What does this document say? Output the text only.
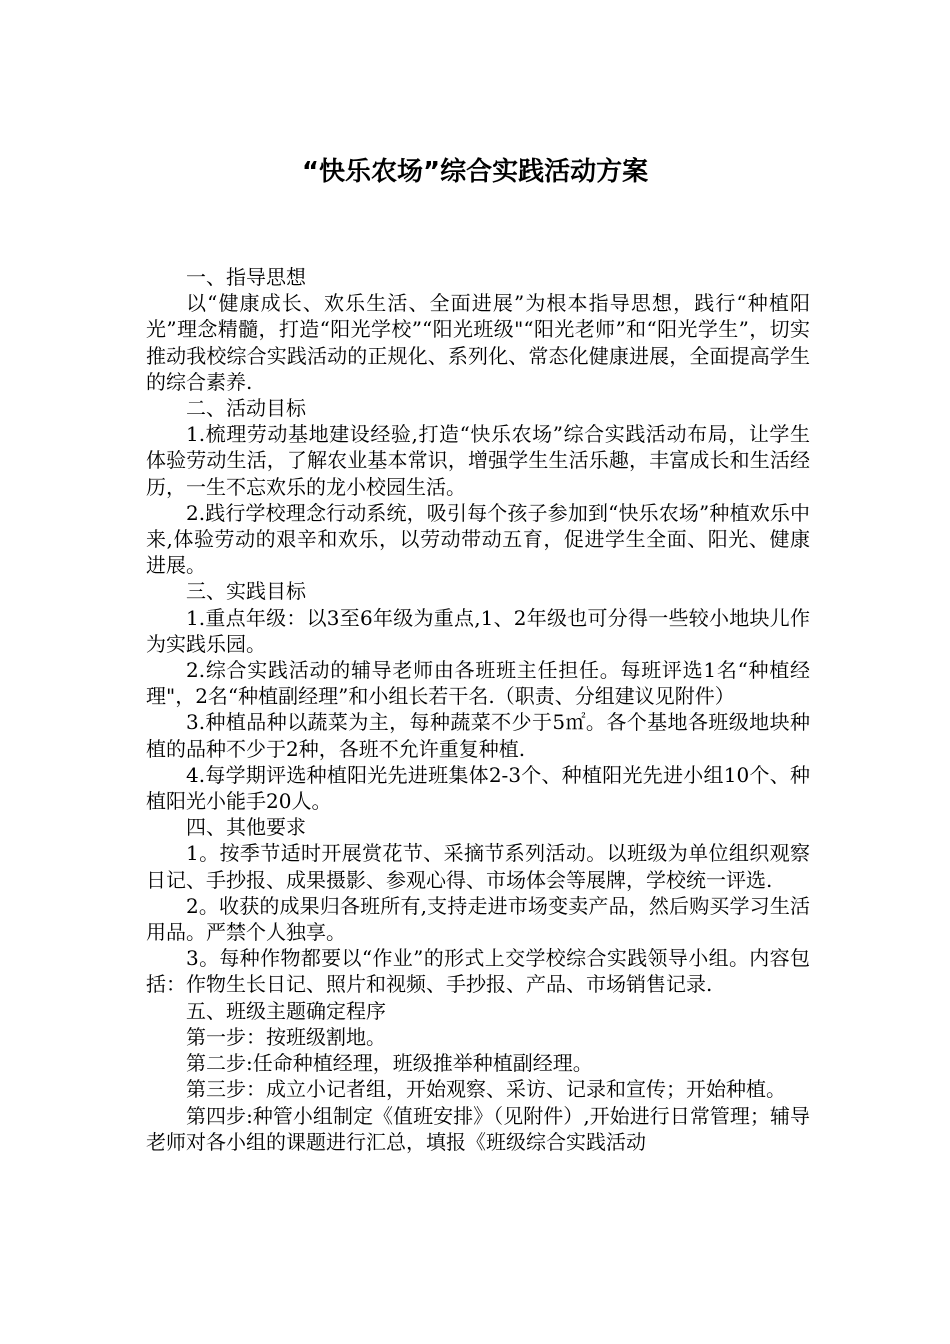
“快乐农场”综合实践活动方案

一、指导思想

以“健康成长、欢乐生活、全面进展”为根本指导思想，践行“种植阳光”理念精髓，打造“阳光学校”“阳光班级"“阳光老师”和“阳光学生”，切实推动我校综合实践活动的正规化、系列化、常态化健康进展，全面提高学生的综合素养.

二、活动目标

1.梳理劳动基地建设经验,打造“快乐农场”综合实践活动布局，让学生体验劳动生活，了解农业基本常识，增强学生生活乐趣，丰富成长和生活经历，一生不忘欢乐的龙小校园生活。

2.践行学校理念行动系统，吸引每个孩子参加到“快乐农场”种植欢乐中来,体验劳动的艰辛和欢乐，以劳动带动五育，促进学生全面、阳光、健康进展。

三、实践目标

1.重点年级：以3至6年级为重点,1、2年级也可分得一些较小地块儿作为实践乐园。

2.综合实践活动的辅导老师由各班班主任担任。每班评选1名“种植经理"，2名“种植副经理”和小组长若干名.（职责、分组建议见附件）

3.种植品种以蔬菜为主，每种蔬菜不少于5㎡。各个基地各班级地块种植的品种不少于2种，各班不允许重复种植.

4.每学期评选种植阳光先进班集体2-3个、种植阳光先进小组10个、种植阳光小能手20人。

四、其他要求

1。按季节适时开展赏花节、采摘节系列活动。以班级为单位组织观察日记、手抄报、成果摄影、参观心得、市场体会等展牌，学校统一评选.

2。收获的成果归各班所有,支持走进市场变卖产品，然后购买学习生活用品。严禁个人独享。

3。每种作物都要以“作业”的形式上交学校综合实践领导小组。内容包括：作物生长日记、照片和视频、手抄报、产品、市场销售记录.

五、班级主题确定程序

第一步：按班级割地。

第二步:任命种植经理，班级推举种植副经理。

第三步：成立小记者组，开始观察、采访、记录和宣传；开始种植。

第四步:种管小组制定《值班安排》（见附件）,开始进行日常管理；辅导老师对各小组的课题进行汇总，填报《班级综合实践活动
